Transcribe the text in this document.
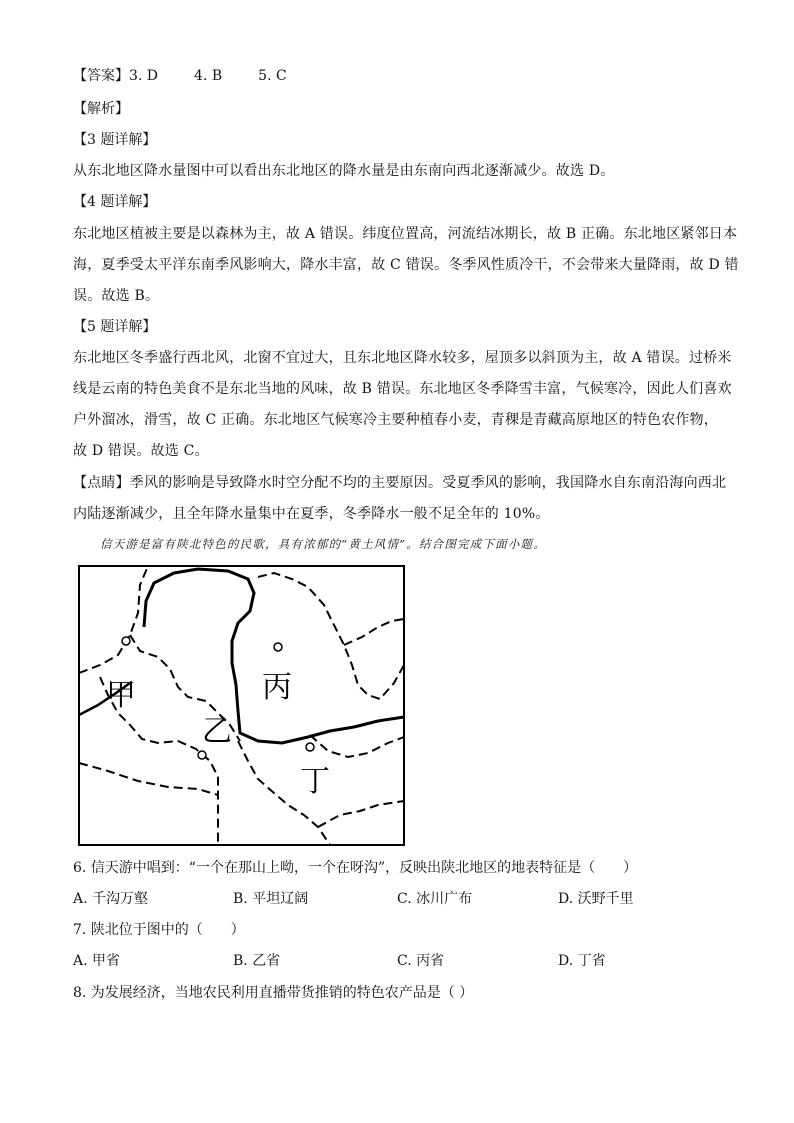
【答案】3. D	4. B	5. C
【解析】
【3 题详解】
从东北地区降水量图中可以看出东北地区的降水量是由东南向西北逐渐减少。故选 D。
【4 题详解】
东北地区植被主要是以森林为主，故 A 错误。纬度位置高，河流结冰期长，故 B 正确。东北地区紧邻日本
海，夏季受太平洋东南季风影响大，降水丰富，故 C 错误。冬季风性质冷干，不会带来大量降雨，故 D 错
误。故选 B。
【5 题详解】
东北地区冬季盛行西北风，北窗不宜过大，且东北地区降水较多，屋顶多以斜顶为主，故 A 错误。过桥米
线是云南的特色美食不是东北当地的风味，故 B 错误。东北地区冬季降雪丰富，气候寒冷，因此人们喜欢
户外溜冰，滑雪，故 C 正确。东北地区气候寒冷主要种植春小麦，青稞是青藏高原地区的特色农作物，
故 D 错误。故选 C。
【点睛】季风的影响是导致降水时空分配不均的主要原因。受夏季风的影响，我国降水自东南沿海向西北
内陆逐渐减少，且全年降水量集中在夏季，冬季降水一般不足全年的 10%。
信天游是富有陕北特色的民歌，具有浓郁的“黄土风情”。结合图完成下面小题。
甲
乙
丙
丁
6. 信天游中唱到：“一个在那山上呦，一个在呀沟”，反映出陕北地区的地表特征是（　　）
A. 千沟万壑	B. 平坦辽阔	C. 冰川广布	D. 沃野千里
7. 陕北位于图中的（　　）
A. 甲省	B. 乙省	C. 丙省	D. 丁省
8. 为发展经济，当地农民利用直播带货推销的特色农产品是（ ）
